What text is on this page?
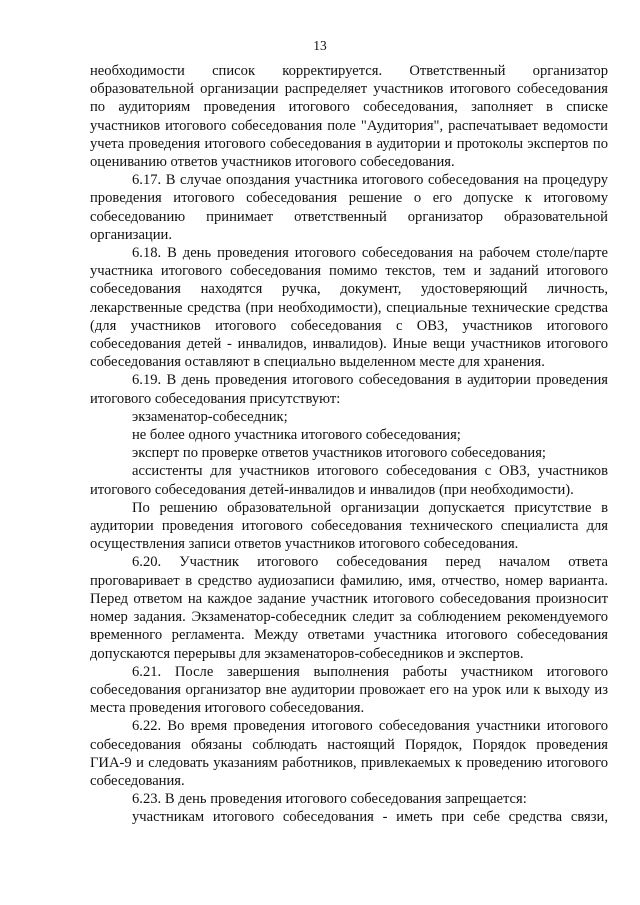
13

необходимости список корректируется. Ответственный организатор образовательной организации распределяет участников итогового собеседования по аудиториям проведения итогового собеседования, заполняет в списке участников итогового собеседования поле "Аудитория", распечатывает ведомости учета проведения итогового собеседования в аудитории и протоколы экспертов по оцениванию ответов участников итогового собеседования.

6.17. В случае опоздания участника итогового собеседования на процедуру проведения итогового собеседования решение о его допуске к итоговому собеседованию принимает ответственный организатор образовательной организации.

6.18. В день проведения итогового собеседования на рабочем столе/парте участника итогового собеседования помимо текстов, тем и заданий итогового собеседования находятся ручка, документ, удостоверяющий личность, лекарственные средства (при необходимости), специальные технические средства (для участников итогового собеседования с ОВЗ, участников итогового собеседования детей - инвалидов, инвалидов). Иные вещи участников итогового собеседования оставляют в специально выделенном месте для хранения.

6.19. В день проведения итогового собеседования в аудитории проведения итогового собеседования присутствуют:

экзаменатор-собеседник;

не более одного участника итогового собеседования;

эксперт по проверке ответов участников итогового собеседования;

ассистенты для участников итогового собеседования с ОВЗ, участников итогового собеседования детей-инвалидов и инвалидов (при необходимости).

По решению образовательной организации допускается присутствие в аудитории проведения итогового собеседования технического специалиста для осуществления записи ответов участников итогового собеседования.

6.20. Участник итогового собеседования перед началом ответа проговаривает в средство аудиозаписи фамилию, имя, отчество, номер варианта. Перед ответом на каждое задание участник итогового собеседования произносит номер задания. Экзаменатор-собеседник следит за соблюдением рекомендуемого временного регламента. Между ответами участника итогового собеседования допускаются перерывы для экзаменаторов-собеседников и экспертов.

6.21. После завершения выполнения работы участником итогового собеседования организатор вне аудитории провожает его на урок или к выходу из места проведения итогового собеседования.

6.22. Во время проведения итогового собеседования участники итогового собеседования обязаны соблюдать настоящий Порядок, Порядок проведения ГИА-9 и следовать указаниям работников, привлекаемых к проведению итогового собеседования.

6.23. В день проведения итогового собеседования запрещается:

участникам итогового собеседования - иметь при себе средства связи,
